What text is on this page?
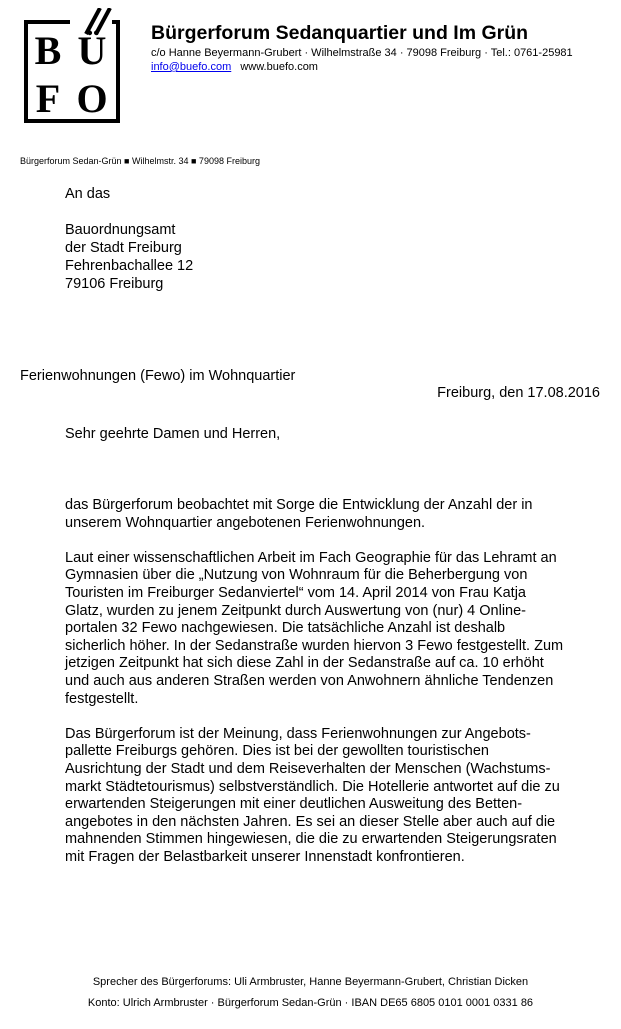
B Ü
F O
Bürgerforum Sedanquartier und Im Grün
c/o Hanne Beyermann-Grubert · Wilhelmstraße 34 · 79098 Freiburg · Tel.: 0761-25981
info@buefo.com www.buefo.com
Bürgerforum Sedan-Grün ■ Wilhelmstr. 34 ■ 79098 Freiburg
An das
Bauordnungsamt
der Stadt Freiburg
Fehrenbachallee 12
79106 Freiburg
Ferienwohnungen (Fewo) im Wohnquartier
Freiburg, den 17.08.2016
Sehr geehrte Damen und Herren,
das Bürgerforum beobachtet mit Sorge die Entwicklung der Anzahl der in
unserem Wohnquartier angebotenen Ferienwohnungen.
Laut einer wissenschaftlichen Arbeit im Fach Geographie für das Lehramt an
Gymnasien über die „Nutzung von Wohnraum für die Beherbergung von
Touristen im Freiburger Sedanviertel“ vom 14. April 2014 von Frau Katja
Glatz, wurden zu jenem Zeitpunkt durch Auswertung von (nur) 4 Online-
portalen 32 Fewo nachgewiesen. Die tatsächliche Anzahl ist deshalb
sicherlich höher. In der Sedanstraße wurden hiervon 3 Fewo festgestellt. Zum
jetzigen Zeitpunkt hat sich diese Zahl in der Sedanstraße auf ca. 10 erhöht
und auch aus anderen Straßen werden von Anwohnern ähnliche Tendenzen
festgestellt.
Das Bürgerforum ist der Meinung, dass Ferienwohnungen zur Angebots-
pallette Freiburgs gehören. Dies ist bei der gewollten touristischen
Ausrichtung der Stadt und dem Reiseverhalten der Menschen (Wachstums-
markt Städtetourismus) selbstverständlich. Die Hotellerie antwortet auf die zu
erwartenden Steigerungen mit einer deutlichen Ausweitung des Betten-
angebotes in den nächsten Jahren. Es sei an dieser Stelle aber auch auf die
mahnenden Stimmen hingewiesen, die die zu erwartenden Steigerungsraten
mit Fragen der Belastbarkeit unserer Innenstadt konfrontieren.
Sprecher des Bürgerforums: Uli Armbruster, Hanne Beyermann-Grubert, Christian Dicken
Konto: Ulrich Armbruster · Bürgerforum Sedan-Grün · IBAN DE65 6805 0101 0001 0331 86
